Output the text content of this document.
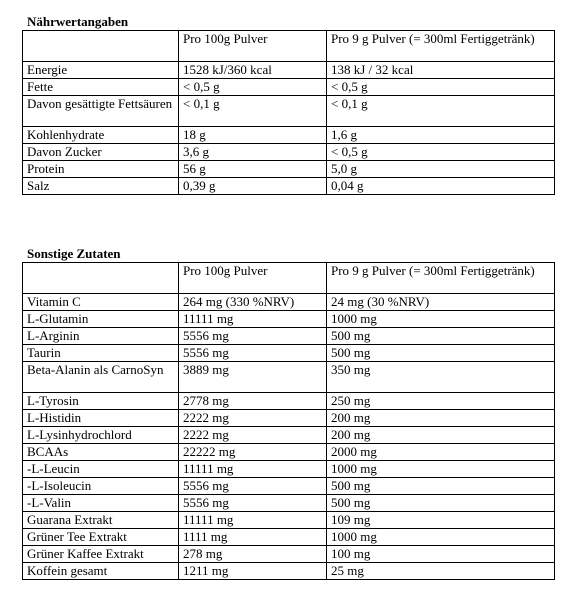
Nährwertangaben
	Pro 100g Pulver	Pro 9 g Pulver (= 300ml Fertiggetränk)
Energie	1528 kJ/360 kcal	138 kJ / 32 kcal
Fette	< 0,5 g	< 0,5 g
Davon gesättigte Fettsäuren	< 0,1 g	< 0,1 g
Kohlenhydrate	18 g	1,6 g
Davon Zucker	3,6 g	< 0,5 g
Protein	56 g	5,0 g
Salz	0,39 g	0,04 g
Sonstige Zutaten
	Pro 100g Pulver	Pro 9 g Pulver (= 300ml Fertiggetränk)
Vitamin C	264 mg (330 %NRV)	24 mg (30 %NRV)
L-Glutamin	11111 mg	1000 mg
L-Arginin	5556 mg	500 mg
Taurin	5556 mg	500 mg
Beta-Alanin als CarnoSyn	3889 mg	350 mg
L-Tyrosin	2778 mg	250 mg
L-Histidin	2222 mg	200 mg
L-Lysinhydrochlord	2222 mg	200 mg
BCAAs	22222 mg	2000 mg
-L-Leucin	11111 mg	1000 mg
-L-Isoleucin	5556 mg	500 mg
-L-Valin	5556 mg	500 mg
Guarana Extrakt	11111 mg	109 mg
Grüner Tee Extrakt	1111 mg	1000 mg
Grüner Kaffee Extrakt	278 mg	100 mg
Koffein gesamt	1211 mg	25 mg
